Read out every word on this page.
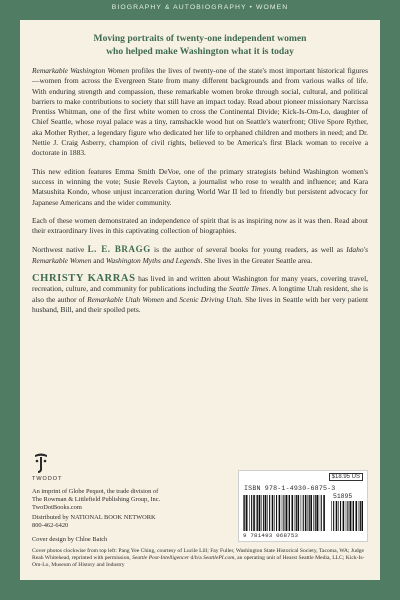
BIOGRAPHY & AUTOBIOGRAPHY • WOMEN
Moving portraits of twenty-one independent women
who helped make Washington what it is today

Remarkable Washington Women profiles the lives of twenty-one of the state's most important historical figures—women from across the Evergreen State from many different backgrounds and from various walks of life. With enduring strength and compassion, these remarkable women broke through social, cultural, and political barriers to make contributions to society that still have an impact today. Read about pioneer missionary Narcissa Prentiss Whitman, one of the first white women to cross the Continental Divide; Kick-Is-Om-Lo, daughter of Chief Seattle, whose royal palace was a tiny, ramshackle wood hut on Seattle's waterfront; Olive Spore Ryther, aka Mother Ryther, a legendary figure who dedicated her life to orphaned children and mothers in need; and Dr. Nettie J. Craig Asberry, champion of civil rights, believed to be America's first Black woman to receive a doctorate in 1883.

This new edition features Emma Smith DeVoe, one of the primary strategists behind Washington women's success in winning the vote; Susie Revels Cayton, a journalist who rose to wealth and influence; and Kara Matsushita Kondo, whose unjust incarceration during World War II led to friendly but persistent advocacy for Japanese Americans and the wider community.

Each of these women demonstrated an independence of spirit that is as inspiring now as it was then. Read about their extraordinary lives in this captivating collection of biographies.

Northwest native L. E. BRAGG is the author of several books for young readers, as well as Idaho's Remarkable Women and Washington Myths and Legends. She lives in the Greater Seattle area.

CHRISTY KARRAS has lived in and written about Washington for many years, covering travel, recreation, culture, and community for publications including the Seattle Times. A longtime Utah resident, she is also the author of Remarkable Utah Women and Scenic Driving Utah. She lives in Seattle with her very patient husband, Bill, and their spoiled pets.

TWODOT
An imprint of Globe Pequot, the trade division of
The Rowman & Littlefield Publishing Group, Inc.
TwoDotBooks.com
Distributed by NATIONAL BOOK NETWORK
800-462-6420
Cover design by Chloe Batch
$18.95 US
ISBN 978-1-4930-6875-3
51895
9 781493 068753
Cover photos clockwise from top left: Pang Yee Ching, courtesy of Lucile Lill; Fay Fuller, Washington State Historical Society, Tacoma, WA; Judge Reah Whitehead, reprinted with permission, Seattle Post-Intelligencer d/b/a SeattlePI.com, an operating unit of Hearst Seattle Media, LLC; Kick-Is-Om-Lo, Museum of History and Industry
